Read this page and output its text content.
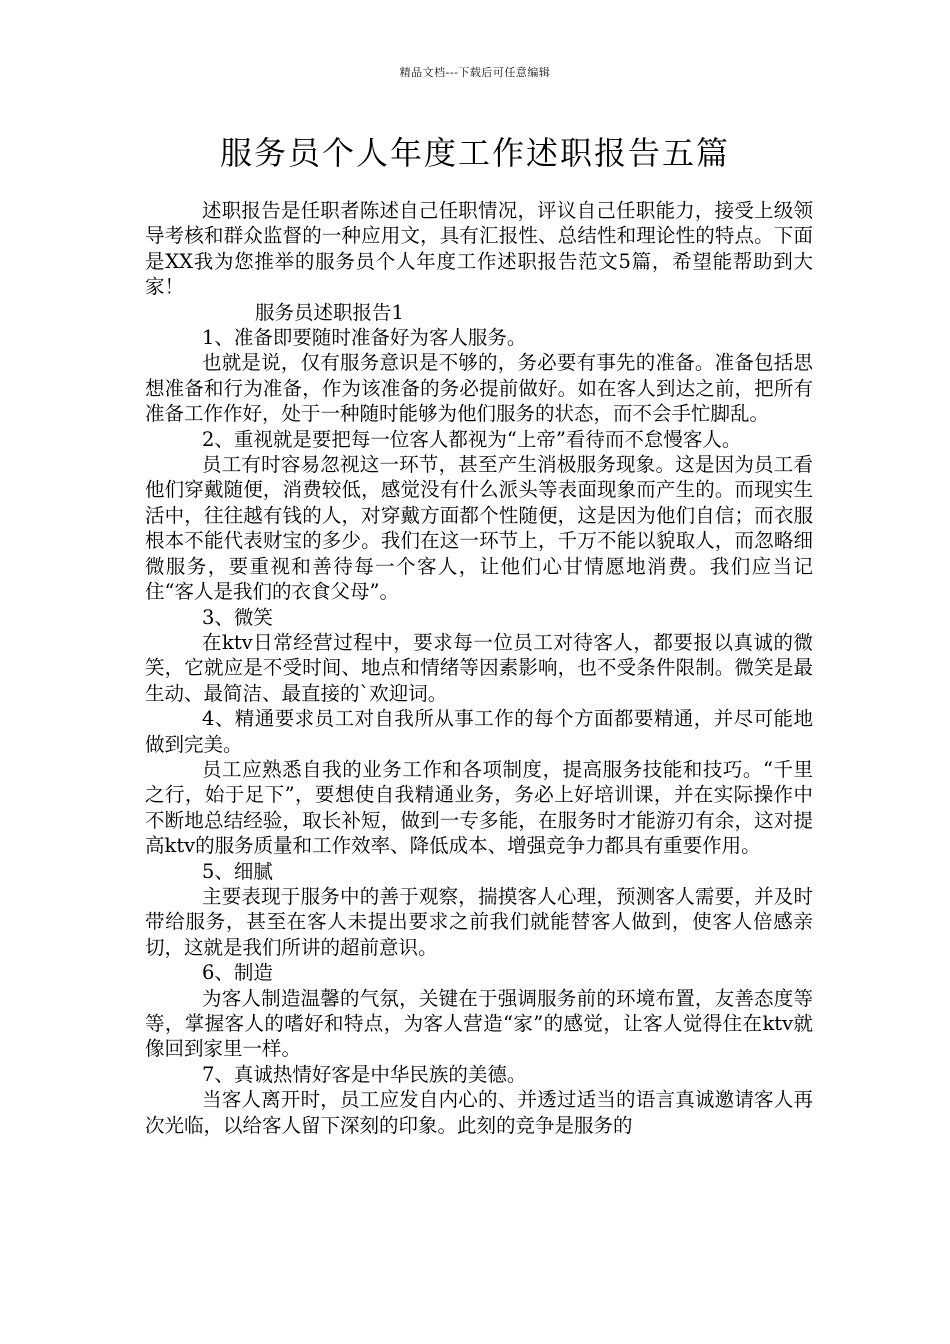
精品文档---下载后可任意编辑
服务员个人年度工作述职报告五篇

述职报告是任职者陈述自己任职情况，评议自己任职能力，接受上级领导考核和群众监督的一种应用文，具有汇报性、总结性和理论性的特点。下面是XX我为您推举的服务员个人年度工作述职报告范文5篇，希望能帮助到大家！

服务员述职报告1

1、准备即要随时准备好为客人服务。

也就是说，仅有服务意识是不够的，务必要有事先的准备。准备包括思想准备和行为准备，作为该准备的务必提前做好。如在客人到达之前，把所有准备工作作好，处于一种随时能够为他们服务的状态，而不会手忙脚乱。

2、重视就是要把每一位客人都视为“上帝”看待而不怠慢客人。

员工有时容易忽视这一环节，甚至产生消极服务现象。这是因为员工看他们穿戴随便，消费较低，感觉没有什么派头等表面现象而产生的。而现实生活中，往往越有钱的人，对穿戴方面都个性随便，这是因为他们自信；而衣服根本不能代表财宝的多少。我们在这一环节上，千万不能以貌取人，而忽略细微服务，要重视和善待每一个客人，让他们心甘情愿地消费。我们应当记住“客人是我们的衣食父母”。

3、微笑

在ktv日常经营过程中，要求每一位员工对待客人，都要报以真诚的微笑，它就应是不受时间、地点和情绪等因素影响，也不受条件限制。微笑是最生动、最简洁、最直接的`欢迎词。

4、精通要求员工对自我所从事工作的每个方面都要精通，并尽可能地做到完美。

员工应熟悉自我的业务工作和各项制度，提高服务技能和技巧。“千里之行，始于足下”，要想使自我精通业务，务必上好培训课，并在实际操作中不断地总结经验，取长补短，做到一专多能，在服务时才能游刃有余，这对提高ktv的服务质量和工作效率、降低成本、增强竞争力都具有重要作用。

5、细腻

主要表现于服务中的善于观察，揣摸客人心理，预测客人需要，并及时带给服务，甚至在客人未提出要求之前我们就能替客人做到，使客人倍感亲切，这就是我们所讲的超前意识。

6、制造

为客人制造温馨的气氛，关键在于强调服务前的环境布置，友善态度等等，掌握客人的嗜好和特点，为客人营造“家”的感觉，让客人觉得住在ktv就像回到家里一样。

7、真诚热情好客是中华民族的美德。

当客人离开时，员工应发自内心的、并透过适当的语言真诚邀请客人再次光临，以给客人留下深刻的印象。此刻的竞争是服务的
